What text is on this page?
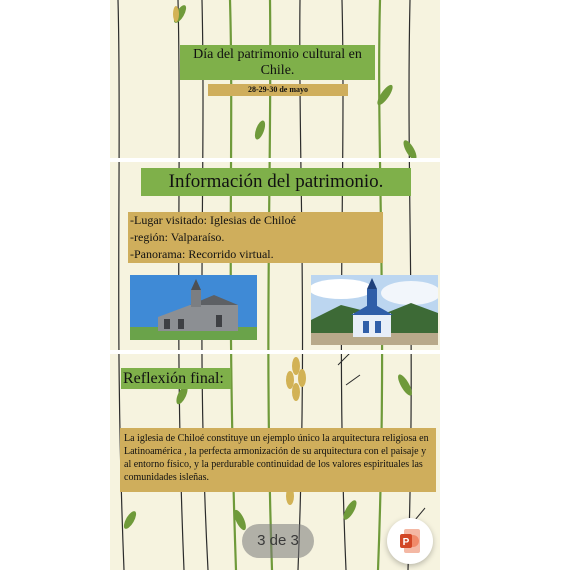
Día del patrimonio cultural en Chile.
28-29-30 de mayo
Información del patrimonio.
-Lugar visitado: Iglesias de Chiloé
-región: Valparaíso.
-Panorama: Recorrido virtual.
Reflexión final:
La iglesia de Chiloé constituye un ejemplo único la arquitectura religiosa en Latinoamérica , la perfecta armonización de su arquitectura con el paisaje y al entorno físico, y la perdurable continuidad de los valores espirituales las comunidades isleñas.
3 de 3	P
